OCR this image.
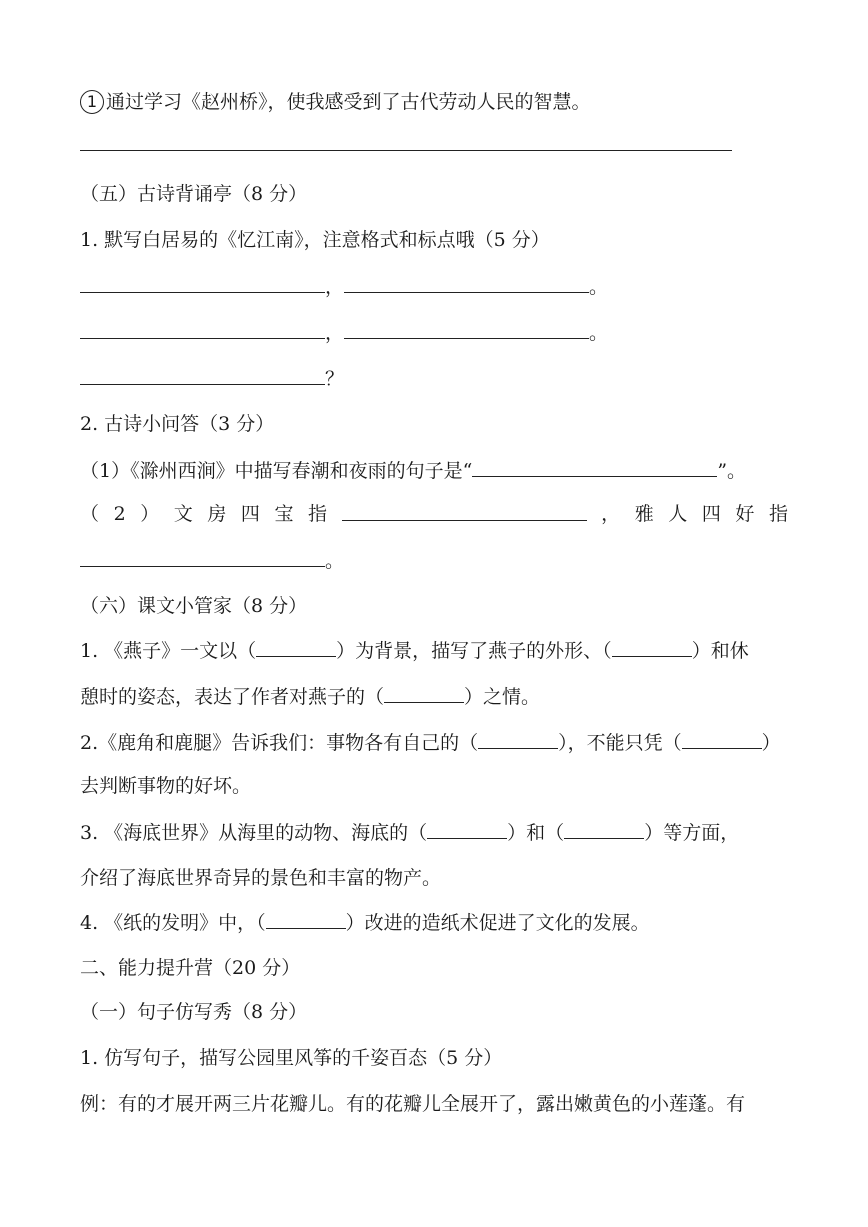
1 通过学习《赵州桥》，使我感受到了古代劳动人民的智慧。
（五）古诗背诵亭（8 分）
1. 默写白居易的《忆江南》，注意格式和标点哦（5 分）
，	。
，	。
？
2. 古诗小问答（3 分）
（1）《滁州西涧》中描写春潮和夜雨的句子是“	”。
（ 2 ） 文 房 四 宝 指	， 雅 人 四 好 指
。
（六）课文小管家（8 分）
1. 《燕子》一文以（	）为背景，描写了燕子的外形、（	）和休
憩时的姿态，表达了作者对燕子的（	）之情。
2.《鹿角和鹿腿》告诉我们：事物各有自己的（	），不能只凭（	）
去判断事物的好坏。
3. 《海底世界》从海里的动物、海底的（	）和（	）等方面，
介绍了海底世界奇异的景色和丰富的物产。
4. 《纸的发明》中，（	）改进的造纸术促进了文化的发展。
二、能力提升营（20 分）
（一）句子仿写秀（8 分）
1. 仿写句子，描写公园里风筝的千姿百态（5 分）
例：有的才展开两三片花瓣儿。有的花瓣儿全展开了，露出嫩黄色的小莲蓬。有
